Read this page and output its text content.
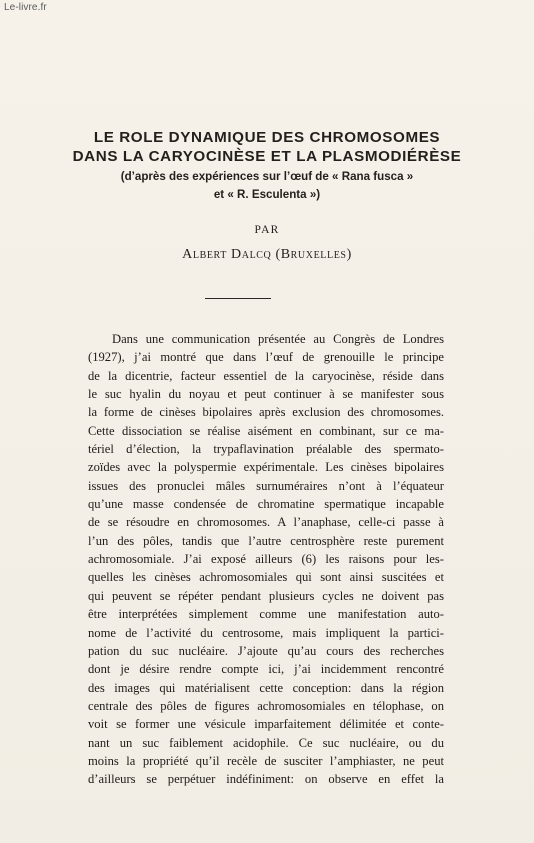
Le-livre.fr

LE ROLE DYNAMIQUE DES CHROMOSOMES

DANS LA CARYOCINÈSE ET LA PLASMODIÉRÈSE

(d’après des expériences sur l’œuf de « Rana fusca »

et « R. Esculenta »)

PAR
Albert Dalcq (Bruxelles)
Dans une communication présentée au Congrès de Londres
(1927), j’ai montré que dans l’œuf de grenouille le principe
de la dicentrie, facteur essentiel de la caryocinèse, réside dans
le suc hyalin du noyau et peut continuer à se manifester sous
la forme de cinèses bipolaires après exclusion des chromosomes.
Cette dissociation se réalise aisément en combinant, sur ce ma-
tériel d’élection, la trypaflavination préalable des spermato-
zoïdes avec la polyspermie expérimentale. Les cinèses bipolaires
issues des pronuclei mâles surnuméraires n’ont à l’équateur
qu’une masse condensée de chromatine spermatique incapable
de se résoudre en chromosomes. A l’anaphase, celle-ci passe à
l’un des pôles, tandis que l’autre centrosphère reste purement
achromosomiale. J’ai exposé ailleurs (6) les raisons pour les-
quelles les cinèses achromosomiales qui sont ainsi suscitées et
qui peuvent se répéter pendant plusieurs cycles ne doivent pas
être interprétées simplement comme une manifestation auto-
nome de l’activité du centrosome, mais impliquent la partici-
pation du suc nucléaire. J’ajoute qu’au cours des recherches
dont je désire rendre compte ici, j’ai incidemment rencontré
des images qui matérialisent cette conception: dans la région
centrale des pôles de figures achromosomiales en télophase, on
voit se former une vésicule imparfaitement délimitée et conte-
nant un suc faiblement acidophile. Ce suc nucléaire, ou du
moins la propriété qu’il recèle de susciter l’amphiaster, ne peut
d’ailleurs se perpétuer indéfiniment: on observe en effet la
